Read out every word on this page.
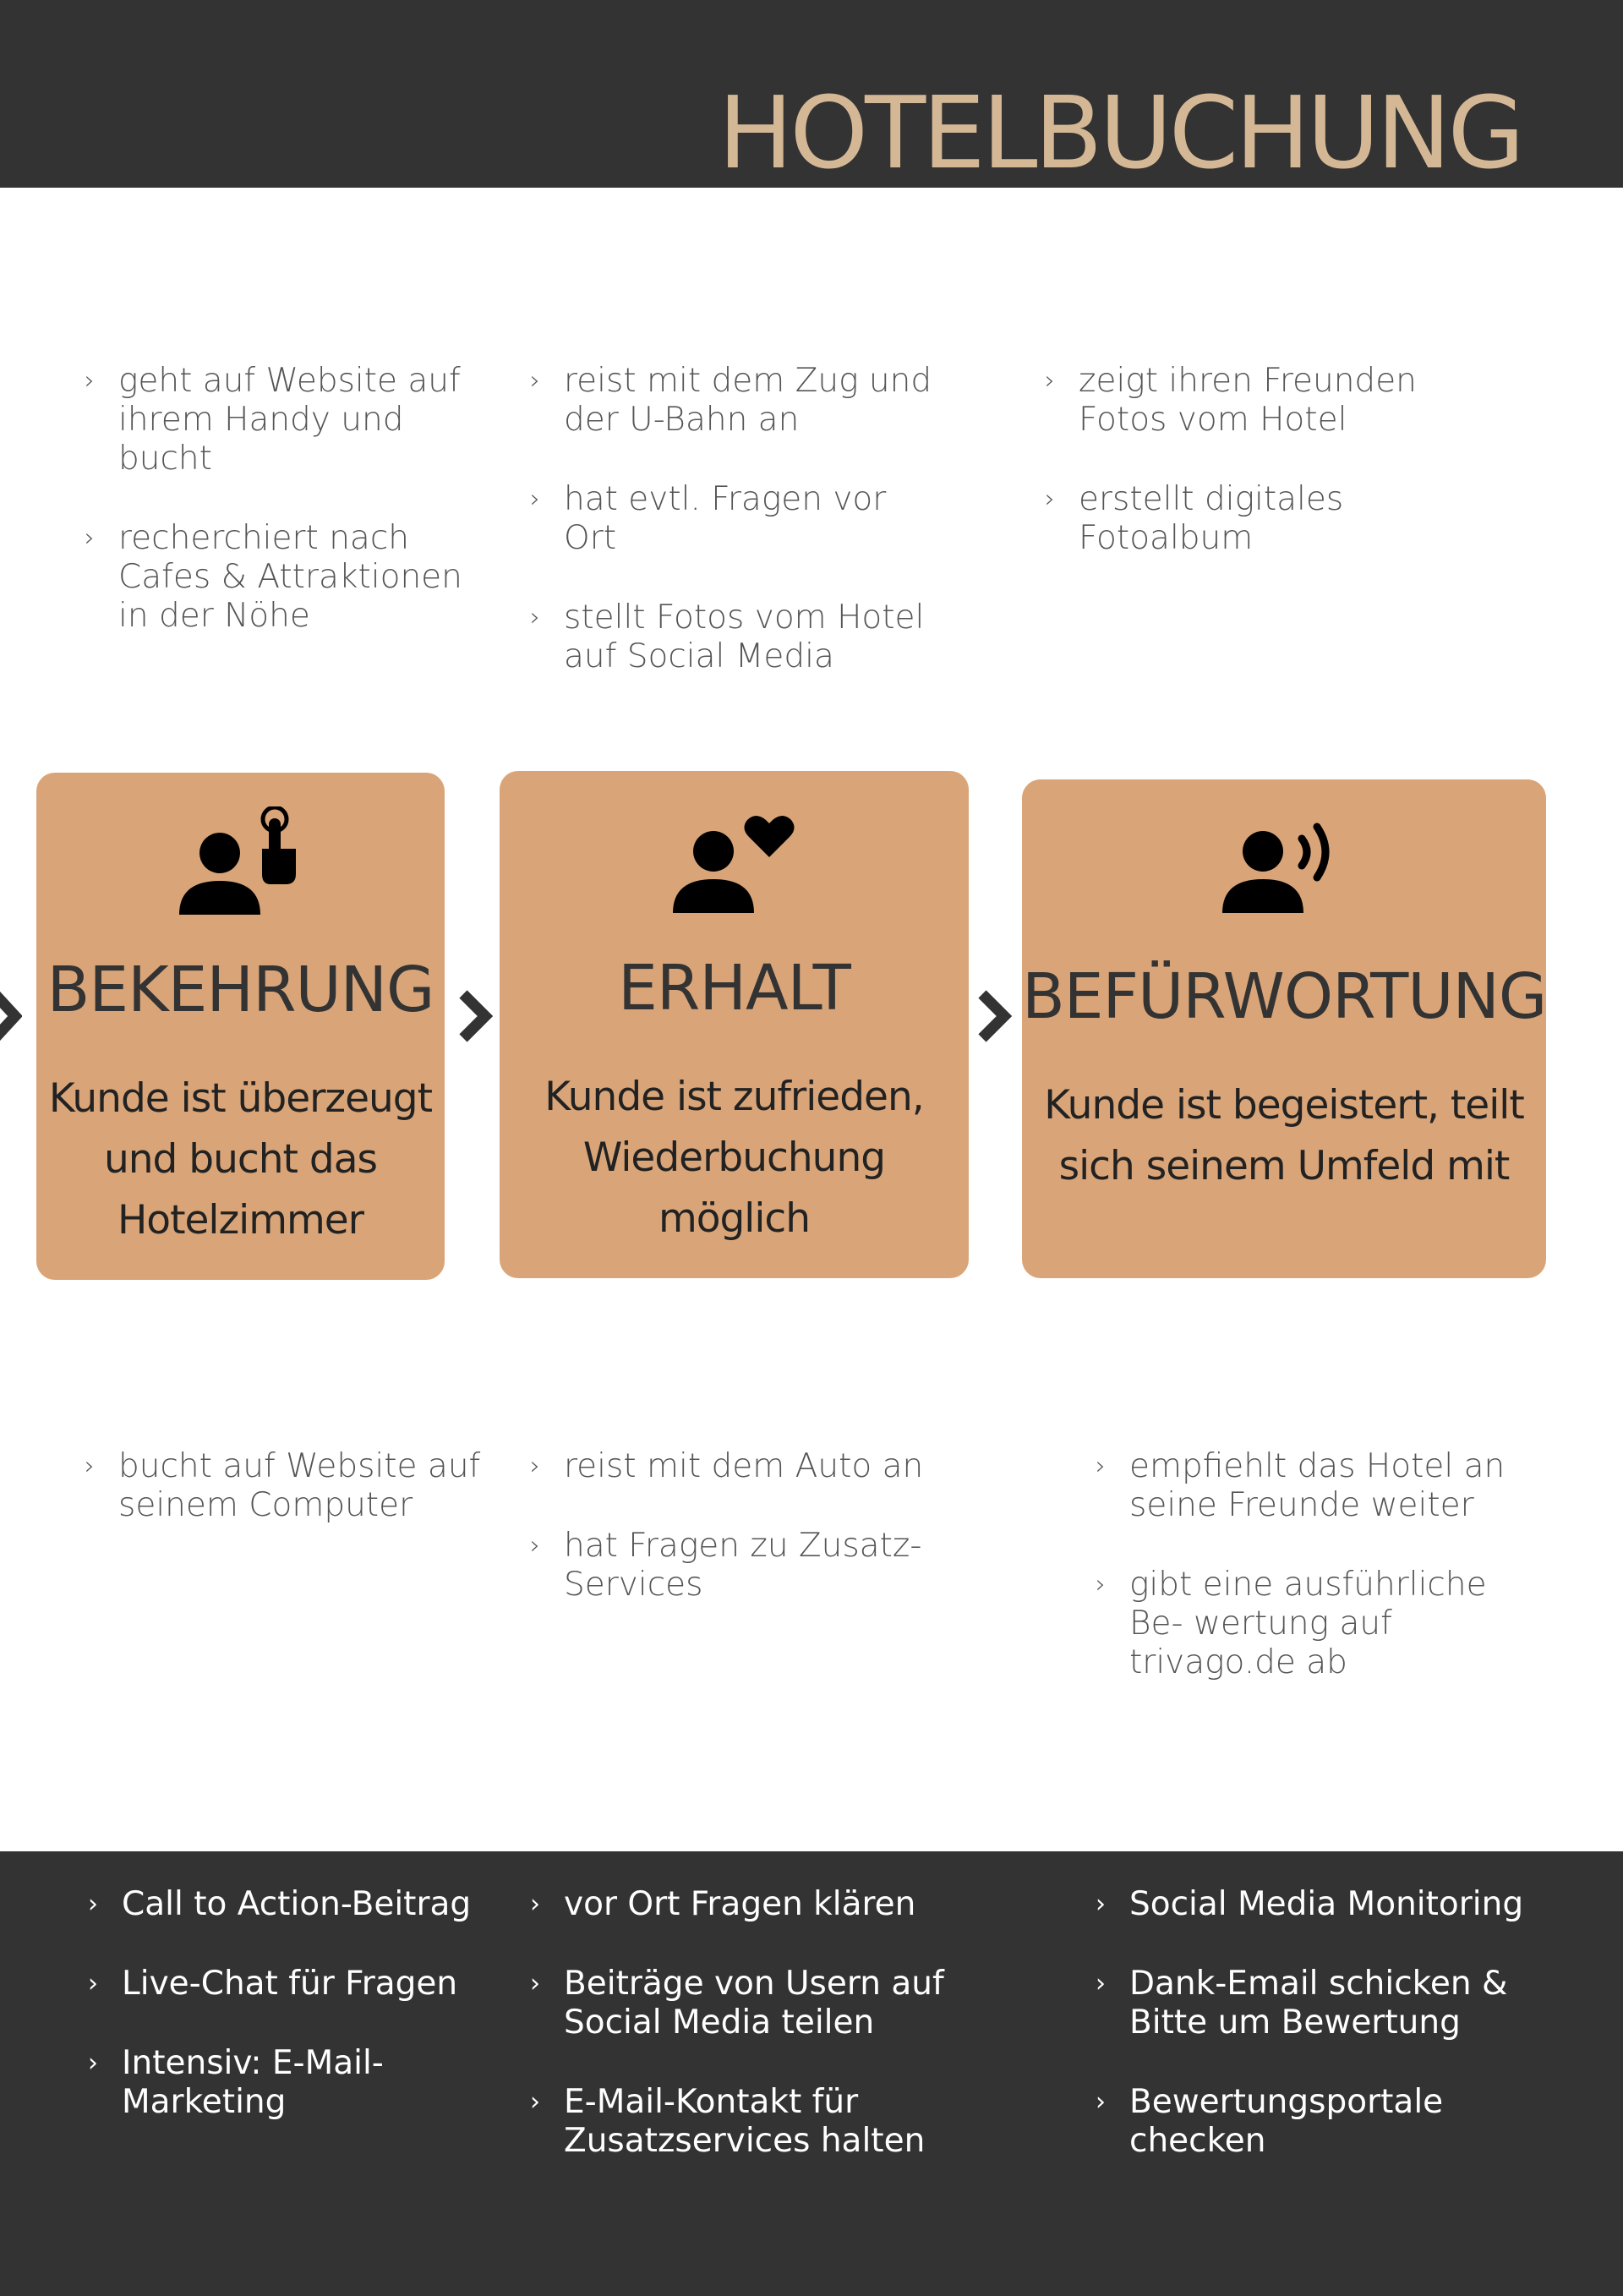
HOTELBUCHUNG
› geht auf Website auf ihrem Handy und bucht
› recherchiert nach Cafes & Attraktionen in der Nöhe
› reist mit dem Zug und der U-Bahn an
› hat evtl. Fragen vor Ort
› stellt Fotos vom Hotel auf Social Media
› zeigt ihren Freunden Fotos vom Hotel
› erstellt digitales Fotoalbum
BEKEHRUNG
Kunde ist überzeugt und bucht das Hotelzimmer
ERHALT
Kunde ist zufrieden, Wiederbuchung möglich
BEFÜRWORTUNG
Kunde ist begeistert, teilt sich seinem Umfeld mit
› bucht auf Website auf seinem Computer
› reist mit dem Auto an
› hat Fragen zu Zusatz-Services
› empfiehlt das Hotel an seine Freunde weiter
› gibt eine ausführliche Be- wertung auf trivago.de ab
› Call to Action-Beitrag
› Live-Chat für Fragen
› Intensiv: E-Mail-Marketing
› vor Ort Fragen klären
› Beiträge von Usern auf Social Media teilen
› E-Mail-Kontakt für Zusatzservices halten
› Social Media Monitoring
› Dank-Email schicken & Bitte um Bewertung
› Bewertungsportale checken
